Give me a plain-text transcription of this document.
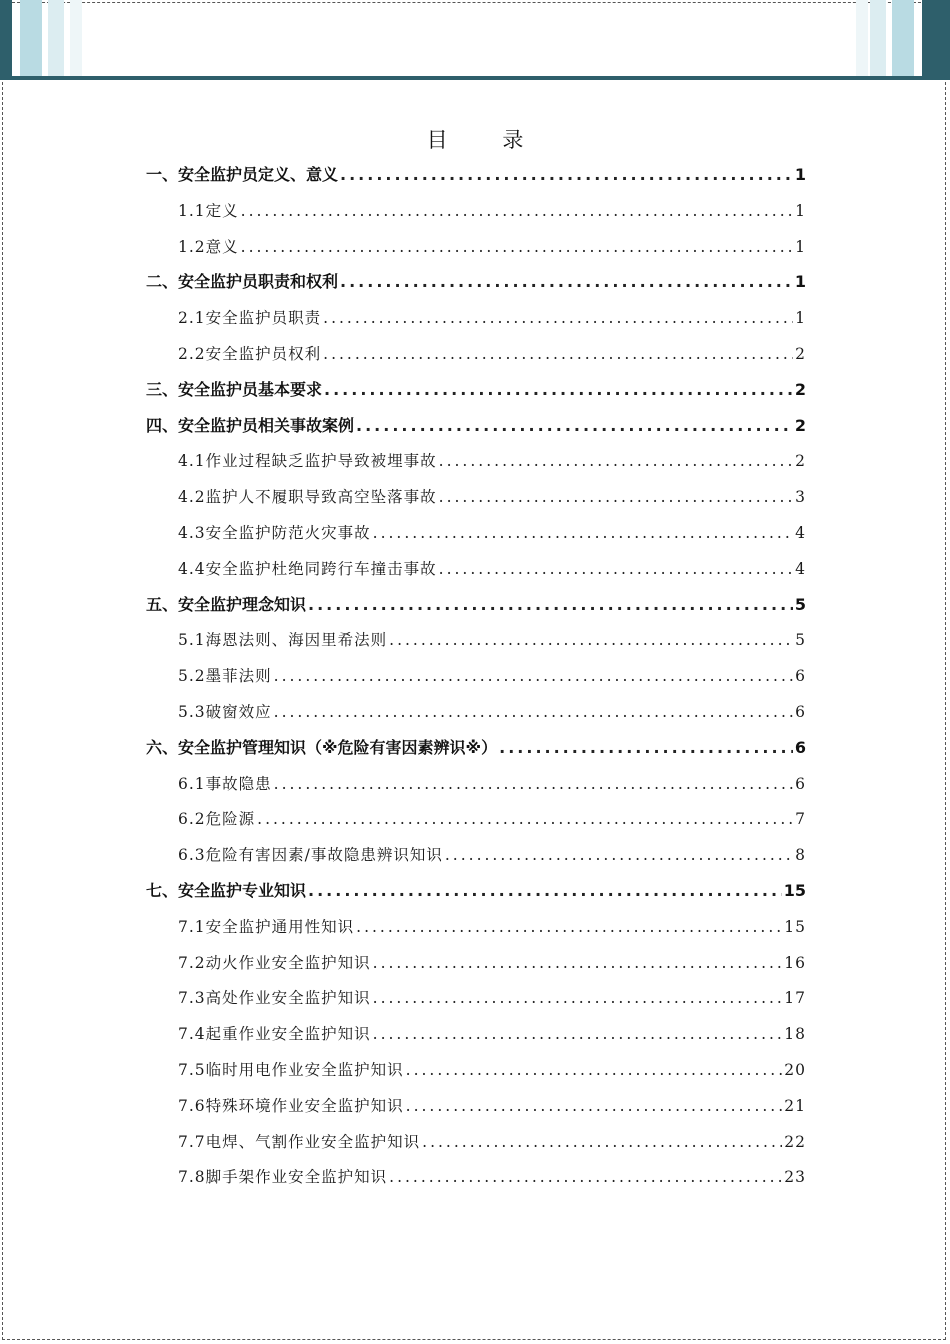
目 录
一、安全监护员定义、意义 .....	1
1.1定义 .....	1
1.2意义 .....	1
二、安全监护员职责和权利 .....	1
2.1安全监护员职责 .....	1
2.2安全监护员权利 .....	2
三、安全监护员基本要求 .....	2
四、安全监护员相关事故案例 .....	2
4.1作业过程缺乏监护导致被埋事故 .....	2
4.2监护人不履职导致高空坠落事故 .....	3
4.3安全监护防范火灾事故 .....	4
4.4安全监护杜绝同跨行车撞击事故 .....	4
五、安全监护理念知识 .....	5
5.1海恩法则、海因里希法则 .....	5
5.2墨菲法则 .....	6
5.3破窗效应 .....	6
六、安全监护管理知识（※危险有害因素辨识※） .....	6
6.1事故隐患 .....	6
6.2危险源 .....	7
6.3危险有害因素/事故隐患辨识知识 .....	8
七、安全监护专业知识 .....	15
7.1安全监护通用性知识 .....	15
7.2动火作业安全监护知识 .....	16
7.3高处作业安全监护知识 .....	17
7.4起重作业安全监护知识 .....	18
7.5临时用电作业安全监护知识 .....	20
7.6特殊环境作业安全监护知识 .....	21
7.7电焊、气割作业安全监护知识 .....	22
7.8脚手架作业安全监护知识 .....	23
